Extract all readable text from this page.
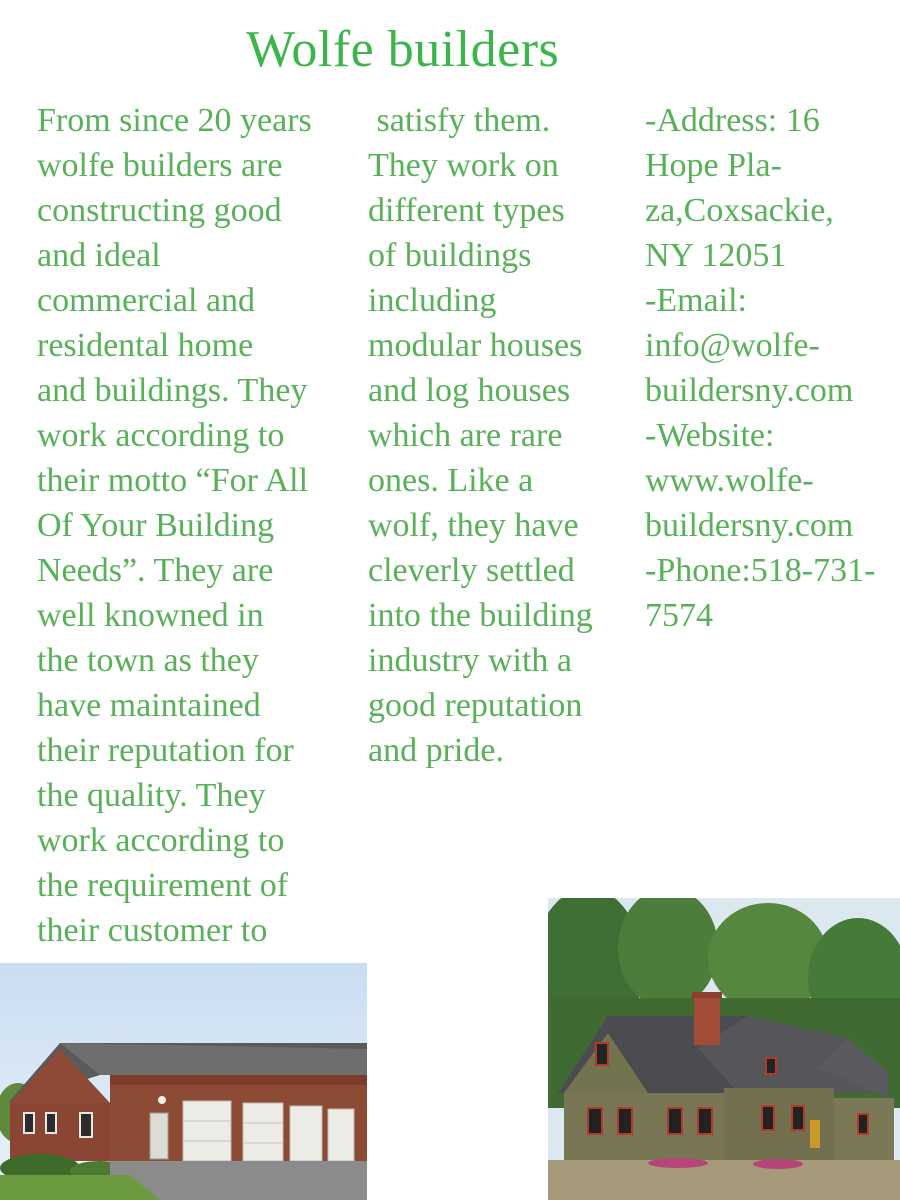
Wolfe builders
From since 20 years
wolfe builders are
constructing good
and ideal
commercial and
residental home
and buildings. They
work according to
their motto “For All
Of Your Building
Needs”. They are
well knowned in
the town as they
have maintained
their reputation for
the quality. They
work according to
the requirement of
their customer to
satisfy them.
They work on
different types
of buildings
including
modular houses
and log houses
which are rare
ones. Like a
wolf, they have
cleverly settled
into the building
industry with a
good reputation
and pride.
-Address: 16
Hope Pla-
za,Coxsackie,
NY 12051
-Email:
info@wolfe-
buildersny.com
-Website:
www.wolfe-
buildersny.com
-Phone:518-731-
7574
